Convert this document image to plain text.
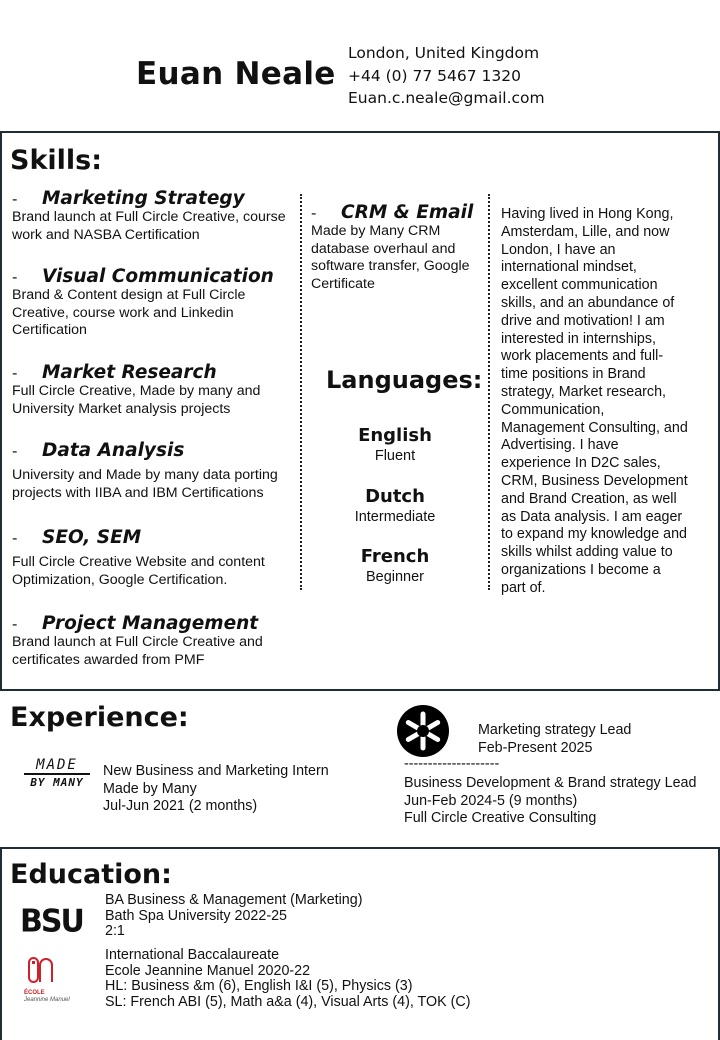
Euan Neale
London, United Kingdom
+44 (0) 77 5467 1320
Euan.c.neale@gmail.com
Skills:
- Marketing Strategy
Brand launch at Full Circle Creative, course work and NASBA Certification
- Visual Communication
Brand & Content design at Full Circle Creative, course work and Linkedin Certification
- Market Research
Full Circle Creative, Made by many and University Market analysis projects
- Data Analysis
University and Made by many data porting projects with IIBA and IBM Certifications
- SEO, SEM
Full Circle Creative Website and content Optimization, Google Certification.
- Project Management
Brand launch at Full Circle Creative and certificates awarded from PMF
- CRM & Email
Made by Many CRM database overhaul and software transfer, Google Certificate
Languages:
English
Fluent
Dutch
Intermediate
French
Beginner
Having lived in Hong Kong, Amsterdam, Lille, and now London, I have an international mindset, excellent communication skills, and an abundance of drive and motivation! I am interested in internships, work placements and full-time positions in Brand strategy, Market research, Communication, Management Consulting, and Advertising. I have experience In D2C sales, CRM, Business Development and Brand Creation, as well as Data analysis. I am eager to expand my knowledge and skills whilst adding value to organizations I become a part of.
Experience:
MADE
BY MANY
New Business and Marketing Intern
Made by Many
Jul-Jun 2021 (2 months)
Marketing strategy Lead
Feb-Present 2025
--------------------
Business Development & Brand strategy Lead
Jun-Feb 2024-5 (9 months)
Full Circle Creative Consulting
Education:
BSU
BA Business & Management (Marketing)
Bath Spa University 2022-25
2:1
ÉCOLE
Jeannine Manuel
International Baccalaureate
Ecole Jeannine Manuel 2020-22
HL: Business &m (6), English I&I (5), Physics (3)
SL: French ABI (5), Math a&a (4), Visual Arts (4), TOK (C)
